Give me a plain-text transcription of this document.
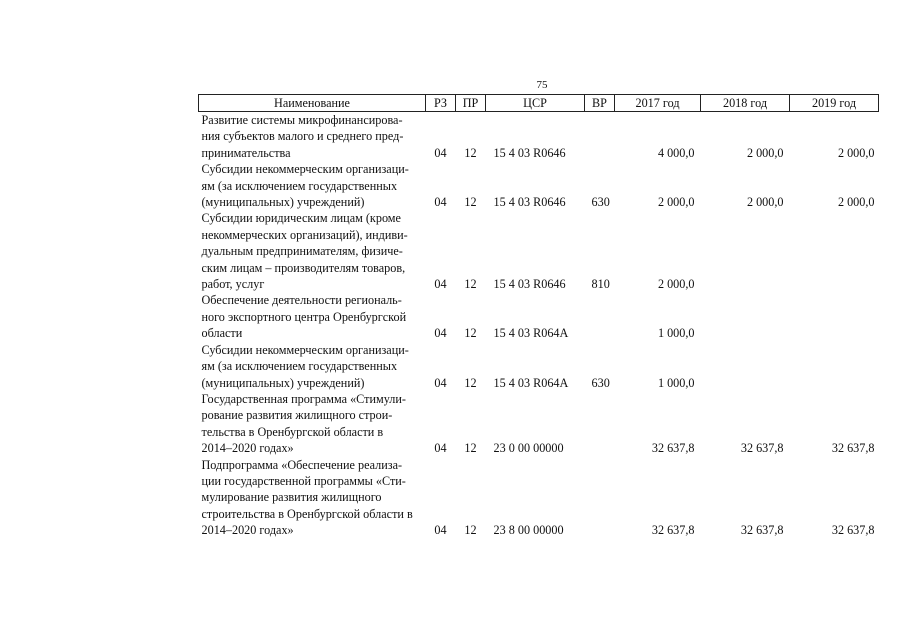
75
Наименование	РЗ	ПР	ЦСР	ВР	2017 год	2018 год	2019 год
Развитие системы микрофинансирова-
ния субъектов малого и среднего пред-
принимательства	04	12	15 4 03 R0646		4 000,0	2 000,0	2 000,0
Субсидии некоммерческим организаци-
ям (за исключением государственных
(муниципальных) учреждений)	04	12	15 4 03 R0646	630	2 000,0	2 000,0	2 000,0
Субсидии юридическим лицам (кроме
некоммерческих организаций), индиви-
дуальным предпринимателям, физиче-
ским лицам – производителям товаров,
работ, услуг	04	12	15 4 03 R0646	810	2 000,0		
Обеспечение деятельности региональ-
ного экспортного центра Оренбургской
области	04	12	15 4 03 R064A		1 000,0		
Субсидии некоммерческим организаци-
ям (за исключением государственных
(муниципальных) учреждений)	04	12	15 4 03 R064A	630	1 000,0		
Государственная программа «Стимули-
рование развития жилищного строи-
тельства в Оренбургской области в
2014–2020 годах»	04	12	23 0 00 00000		32 637,8	32 637,8	32 637,8
Подпрограмма «Обеспечение реализа-
ции государственной программы «Сти-
мулирование развития жилищного
строительства в Оренбургской области в
2014–2020 годах»	04	12	23 8 00 00000		32 637,8	32 637,8	32 637,8
